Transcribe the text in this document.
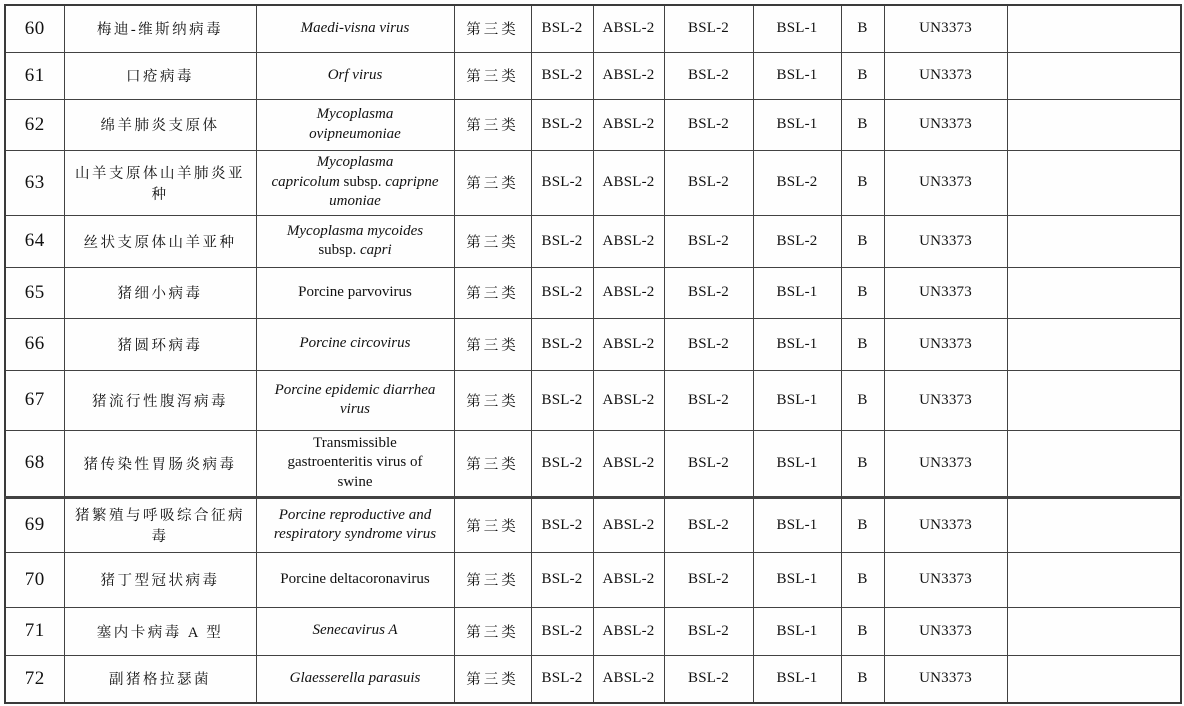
60	梅迪-维斯纳病毒	Maedi-visna virus	第三类	BSL-2	ABSL-2	BSL-2	BSL-1	B	UN3373	
61	口疮病毒	Orf virus	第三类	BSL-2	ABSL-2	BSL-2	BSL-1	B	UN3373	
62	绵羊肺炎支原体	Mycoplasma
ovipneumoniae	第三类	BSL-2	ABSL-2	BSL-2	BSL-1	B	UN3373	
63	山羊支原体山羊肺炎亚种	Mycoplasma
capricolum subsp. capripne
umoniae	第三类	BSL-2	ABSL-2	BSL-2	BSL-2	B	UN3373	
64	丝状支原体山羊亚种	Mycoplasma mycoides
subsp. capri	第三类	BSL-2	ABSL-2	BSL-2	BSL-2	B	UN3373	
65	猪细小病毒	Porcine parvovirus	第三类	BSL-2	ABSL-2	BSL-2	BSL-1	B	UN3373	
66	猪圆环病毒	Porcine circovirus	第三类	BSL-2	ABSL-2	BSL-2	BSL-1	B	UN3373	
67	猪流行性腹泻病毒	Porcine epidemic diarrhea
virus	第三类	BSL-2	ABSL-2	BSL-2	BSL-1	B	UN3373	
68	猪传染性胃肠炎病毒	Transmissible
gastroenteritis virus of
swine	第三类	BSL-2	ABSL-2	BSL-2	BSL-1	B	UN3373	
69	猪繁殖与呼吸综合征病毒	Porcine reproductive and
respiratory syndrome virus	第三类	BSL-2	ABSL-2	BSL-2	BSL-1	B	UN3373	
70	猪丁型冠状病毒	Porcine deltacoronavirus	第三类	BSL-2	ABSL-2	BSL-2	BSL-1	B	UN3373	
71	塞内卡病毒 A 型	Senecavirus A	第三类	BSL-2	ABSL-2	BSL-2	BSL-1	B	UN3373	
72	副猪格拉瑟菌	Glaesserella parasuis	第三类	BSL-2	ABSL-2	BSL-2	BSL-1	B	UN3373	
